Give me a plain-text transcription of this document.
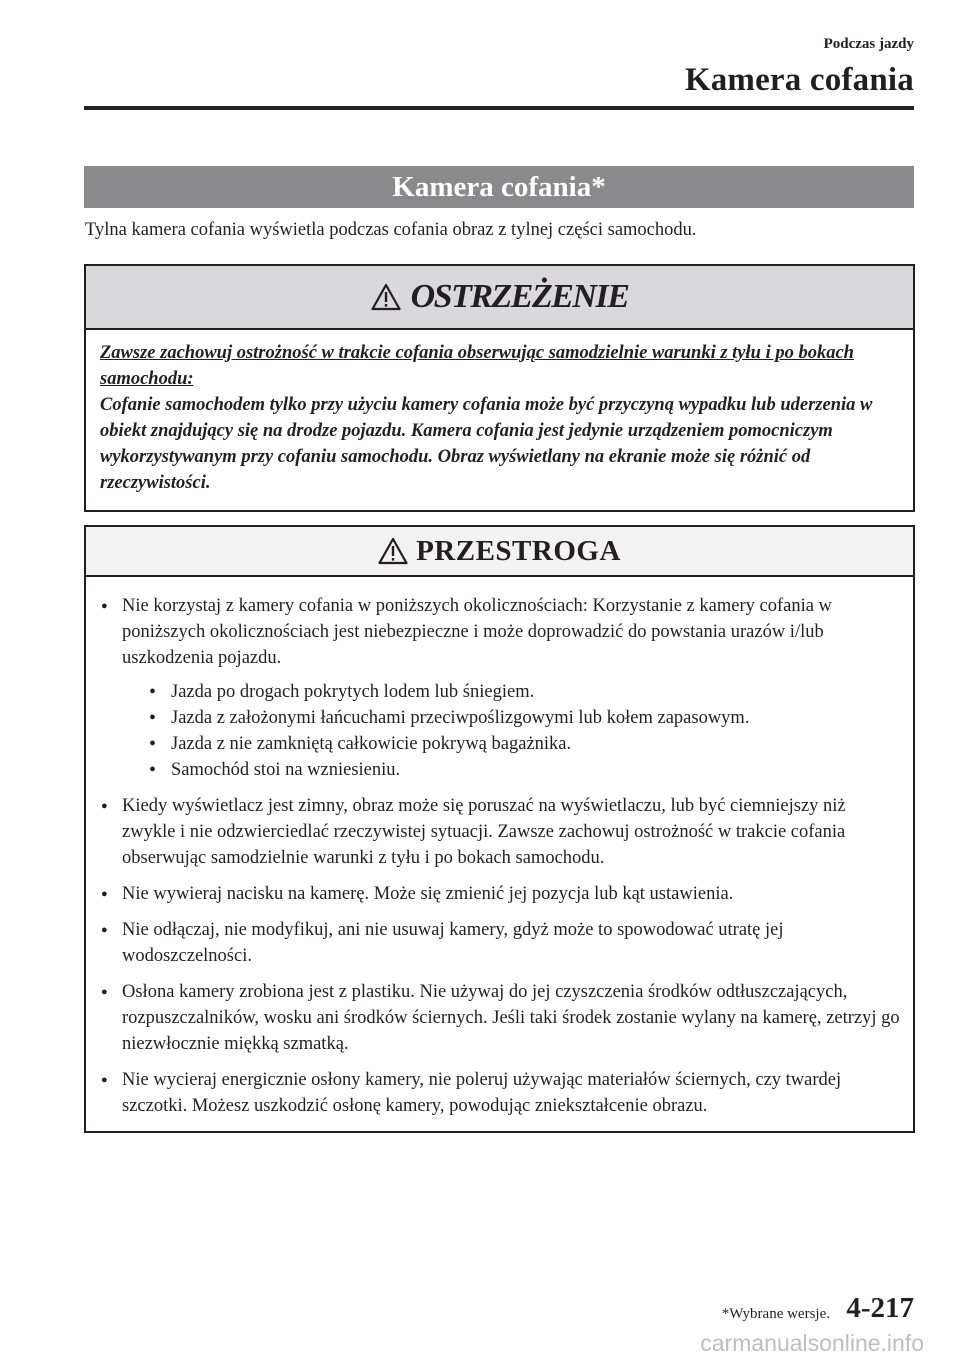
Podczas jazdy
Kamera cofania
Kamera cofania*

Tylna kamera cofania wyświetla podczas cofania obraz z tylnej części samochodu.

OSTRZEŻENIE
Zawsze zachowuj ostrożność w trakcie cofania obserwując samodzielnie warunki z tyłu i po bokach samochodu:
Cofanie samochodem tylko przy użyciu kamery cofania może być przyczyną wypadku lub uderzenia w obiekt znajdujący się na drodze pojazdu. Kamera cofania jest jedynie urządzeniem pomocniczym wykorzystywanym przy cofaniu samochodu. Obraz wyświetlany na ekranie może się różnić od rzeczywistości.
PRZESTROGA
● Nie korzystaj z kamery cofania w poniższych okolicznościach: Korzystanie z kamery cofania w poniższych okolicznościach jest niebezpieczne i może doprowadzić do powstania urazów i/lub uszkodzenia pojazdu.
• Jazda po drogach pokrytych lodem lub śniegiem.
• Jazda z założonymi łańcuchami przeciwpoślizgowymi lub kołem zapasowym.
• Jazda z nie zamkniętą całkowicie pokrywą bagażnika.
• Samochód stoi na wzniesieniu.
● Kiedy wyświetlacz jest zimny, obraz może się poruszać na wyświetlaczu, lub być ciemniejszy niż zwykle i nie odzwierciedlać rzeczywistej sytuacji. Zawsze zachowuj ostrożność w trakcie cofania obserwując samodzielnie warunki z tyłu i po bokach samochodu.
● Nie wywieraj nacisku na kamerę. Może się zmienić jej pozycja lub kąt ustawienia.
● Nie odłączaj, nie modyfikuj, ani nie usuwaj kamery, gdyż może to spowodować utratę jej wodoszczelności.
● Osłona kamery zrobiona jest z plastiku. Nie używaj do jej czyszczenia środków odtłuszczających, rozpuszczalników, wosku ani środków ściernych. Jeśli taki środek zostanie wylany na kamerę, zetrzyj go niezwłocznie miękką szmatką.
● Nie wycieraj energicznie osłony kamery, nie poleruj używając materiałów ściernych, czy twardej szczotki. Możesz uszkodzić osłonę kamery, powodując zniekształcenie obrazu.
*Wybrane wersje. 4-217
carmanualsonline.info
